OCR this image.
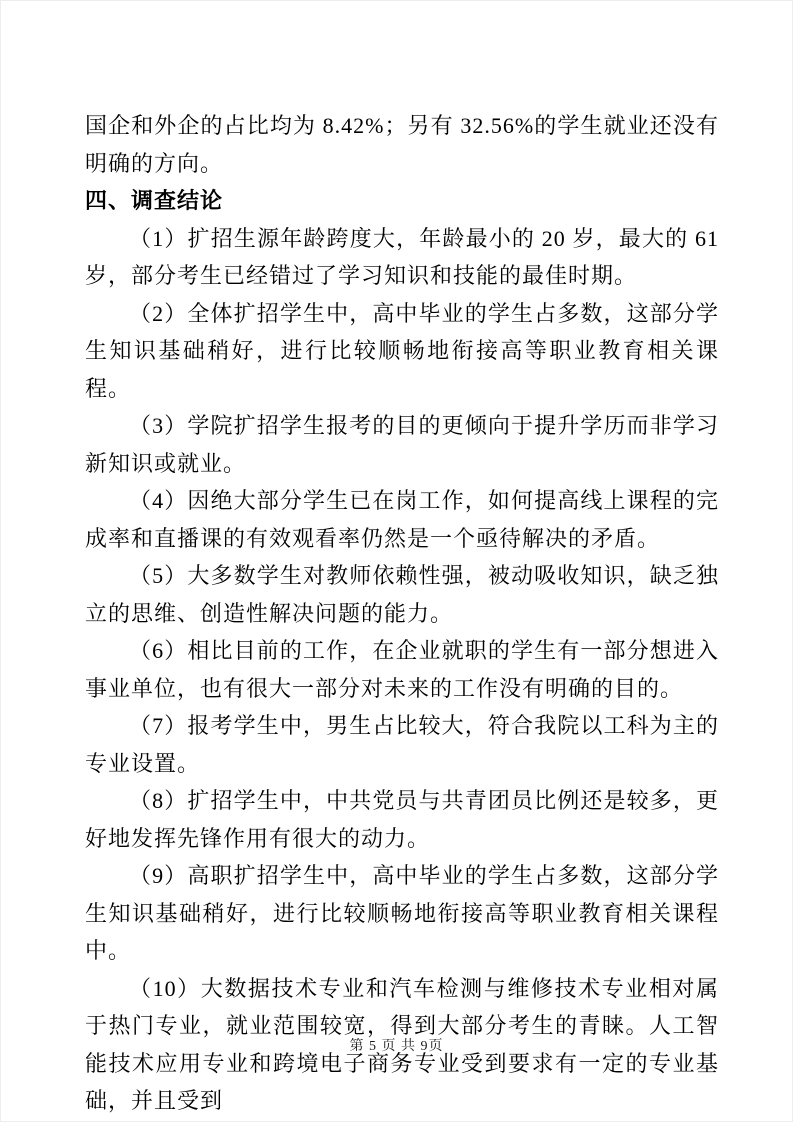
国企和外企的占比均为 8.42%；另有 32.56%的学生就业还没有明确的方向。

四、调查结论

（1）扩招生源年龄跨度大，年龄最小的 20 岁，最大的 61 岁，部分考生已经错过了学习知识和技能的最佳时期。

（2）全体扩招学生中，高中毕业的学生占多数，这部分学生知识基础稍好，进行比较顺畅地衔接高等职业教育相关课程。

（3）学院扩招学生报考的目的更倾向于提升学历而非学习新知识或就业。

（4）因绝大部分学生已在岗工作，如何提高线上课程的完成率和直播课的有效观看率仍然是一个亟待解决的矛盾。

（5）大多数学生对教师依赖性强，被动吸收知识，缺乏独立的思维、创造性解决问题的能力。

（6）相比目前的工作，在企业就职的学生有一部分想进入事业单位，也有很大一部分对未来的工作没有明确的目的。

（7）报考学生中，男生占比较大，符合我院以工科为主的专业设置。

（8）扩招学生中，中共党员与共青团员比例还是较多，更好地发挥先锋作用有很大的动力。

（9）高职扩招学生中，高中毕业的学生占多数，这部分学生知识基础稍好，进行比较顺畅地衔接高等职业教育相关课程中。

（10）大数据技术专业和汽车检测与维修技术专业相对属于热门专业，就业范围较宽，得到大部分考生的青睐。人工智能技术应用专业和跨境电子商务专业受到要求有一定的专业基础，并且受到

第 5 页 共 9页
